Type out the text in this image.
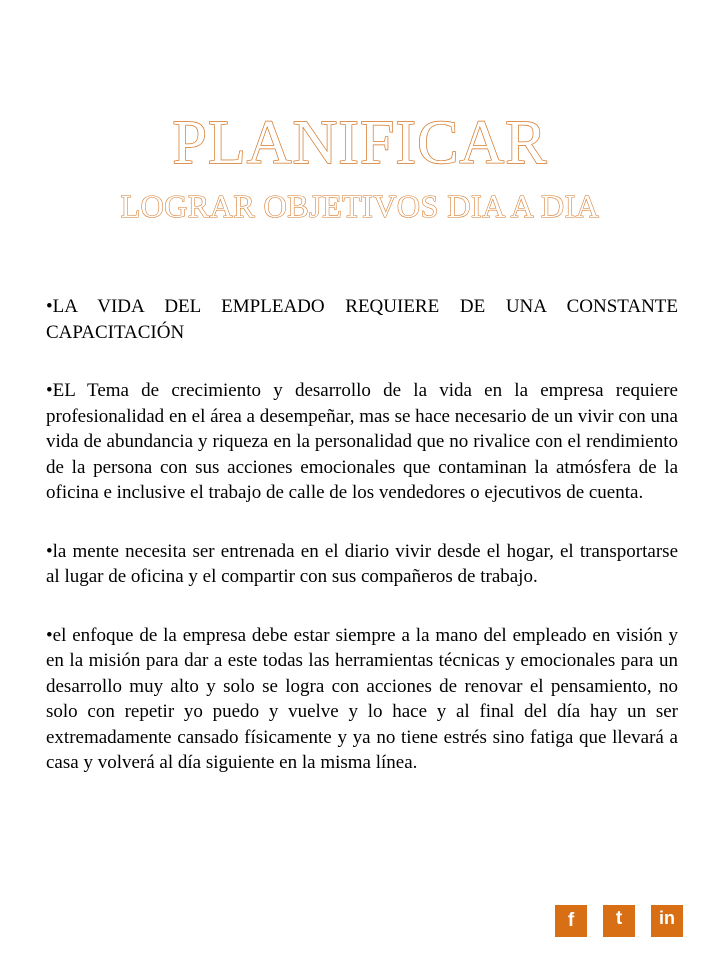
PLANIFICAR
LOGRAR OBJETIVOS DIA A DIA

•LA VIDA DEL EMPLEADO REQUIERE DE UNA CONSTANTE CAPACITACIÓN

•EL Tema de crecimiento y desarrollo de la vida en la empresa requiere profesionalidad en el área a desempeñar, mas se hace necesario de un vivir con una vida de abundancia y riqueza en la personalidad que no rivalice con el rendimiento de la persona con sus acciones emocionales que contaminan la atmósfera de la oficina e inclusive el trabajo de calle de los vendedores o ejecutivos de cuenta.

•la mente necesita ser entrenada en el diario vivir desde el hogar, el transportarse al lugar de oficina y el compartir con sus compañeros de trabajo.

•el enfoque de la empresa debe estar siempre a la mano del empleado en visión y en la misión para dar a este todas las herramientas técnicas y emocionales para un desarrollo muy alto y solo se logra con acciones de renovar el pensamiento, no solo con repetir yo puedo y vuelve y lo hace y al final del día hay un ser extremadamente cansado físicamente y ya no tiene estrés sino fatiga que llevará a casa y volverá al día siguiente en la misma línea.

f	t	in
